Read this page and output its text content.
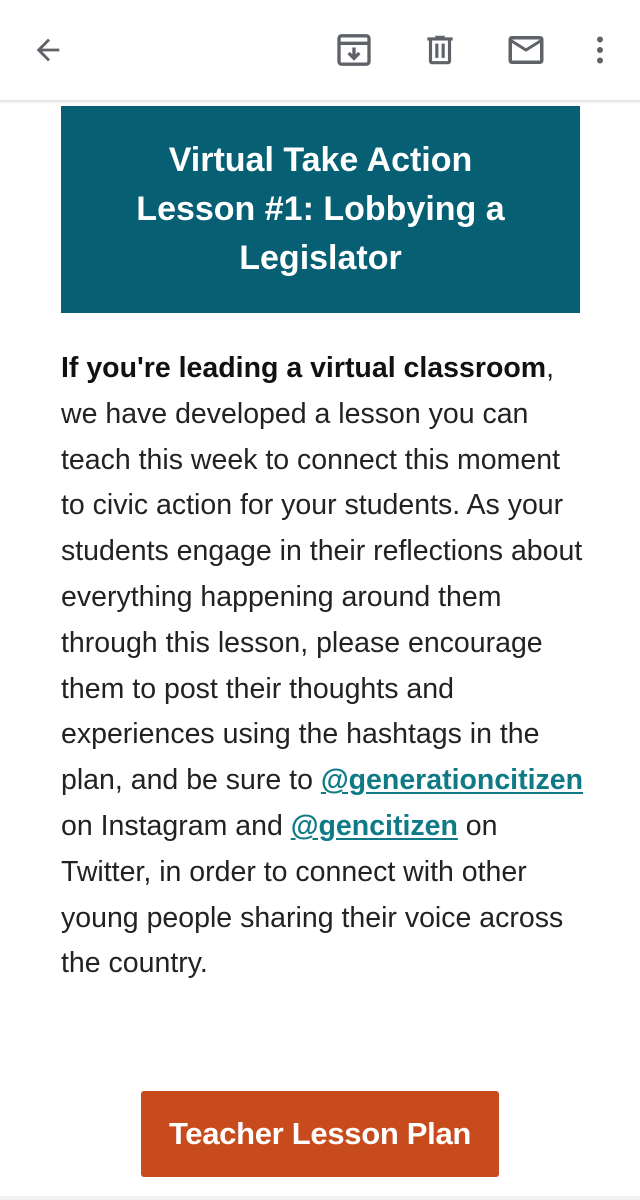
Virtual Take Action Lesson #1: Lobbying a Legislator

If you're leading a virtual classroom, we have developed a lesson you can teach this week to connect this moment to civic action for your students. As your students engage in their reflections about everything happening around them through this lesson, please encourage them to post their thoughts and experiences using the hashtags in the plan, and be sure to @generationcitizen on Instagram and @gencitizen on Twitter, in order to connect with other young people sharing their voice across the country.

Teacher Lesson Plan
